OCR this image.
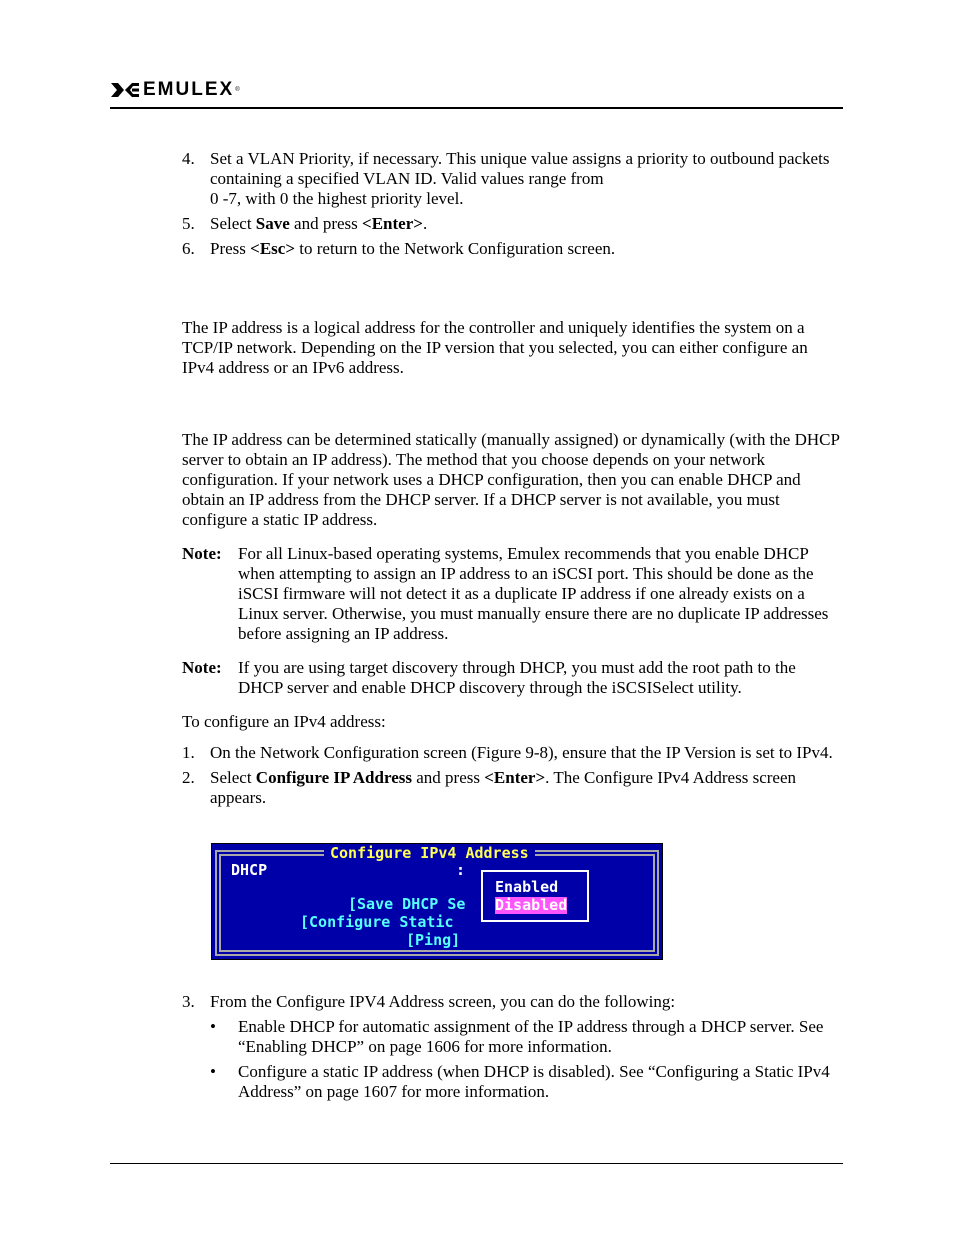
EMULEX ®
4. Set a VLAN Priority, if necessary. This unique value assigns a priority to outbound packets containing a specified VLAN ID. Valid values range from
0 -7, with 0 the highest priority level.
5. Select Save and press <Enter>.
6. Press <Esc> to return to the Network Configuration screen.

The IP address is a logical address for the controller and uniquely identifies the system on a TCP/IP network. Depending on the IP version that you selected, you can either configure an IPv4 address or an IPv6 address.

The IP address can be determined statically (manually assigned) or dynamically (with the DHCP server to obtain an IP address). The method that you choose depends on your network configuration. If your network uses a DHCP configuration, then you can enable DHCP and obtain an IP address from the DHCP server. If a DHCP server is not available, you must configure a static IP address.

Note: For all Linux-based operating systems, Emulex recommends that you enable DHCP when attempting to assign an IP address to an iSCSI port. This should be done as the iSCSI firmware will not detect it as a duplicate IP address if one already exists on a Linux server. Otherwise, you must manually ensure there are no duplicate IP addresses before assigning an IP address.
Note: If you are using target discovery through DHCP, you must add the root path to the DHCP server and enable DHCP discovery through the iSCSISelect utility.

To configure an IPv4 address:

1. On the Network Configuration screen (Figure 9-8), ensure that the IP Version is set to IPv4.
2. Select Configure IP Address and press <Enter>. The Configure IPv4 Address screen appears.
Configure IPv4 Address
DHCP	:
[Save DHCP Se
[Configure Static
[Ping]
Enabled
Disabled
3. From the Configure IPV4 Address screen, you can do the following:
• Enable DHCP for automatic assignment of the IP address through a DHCP server. See “Enabling DHCP” on page 1606 for more information.
• Configure a static IP address (when DHCP is disabled). See “Configuring a Static IPv4 Address” on page 1607 for more information.
